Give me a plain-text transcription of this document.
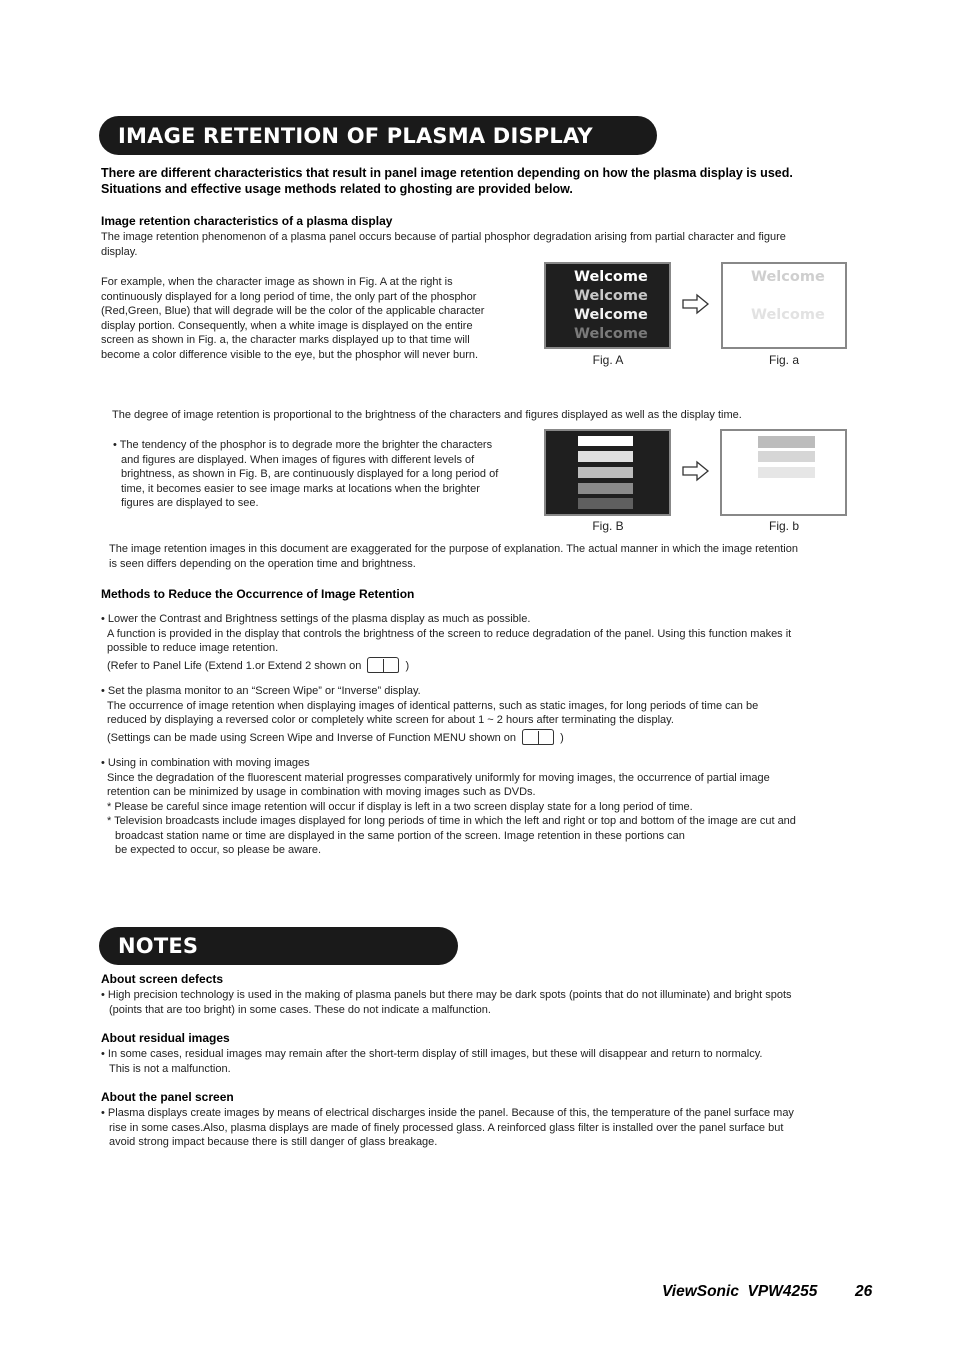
IMAGE RETENTION OF PLASMA DISPLAY
There are different characteristics that result in panel image retention depending on how the plasma display is used.
Situations and effective usage methods related to ghosting are provided below.
Image retention characteristics of a plasma display
The image retention phenomenon of a plasma panel occurs because of partial phosphor degradation arising from partial character and figure
display.
For example, when the character image as shown in Fig. A at the right is
continuously displayed for a long period of time, the only part of the phosphor
(Red,Green, Blue) that will degrade will be the color of the applicable character
display portion. Consequently, when a white image is displayed on the entire
screen as shown in Fig. a, the character marks displayed up to that time will
become a color difference visible to the eye, but the phosphor will never burn.
Welcome
Welcome
Welcome
Welcome
Fig. A
Welcome
Welcome
Fig. a
The degree of image retention is proportional to the brightness of the characters and figures displayed as well as the display time.
• The tendency of the phosphor is to degrade more the brighter the characters
and figures are displayed. When images of figures with different levels of
brightness, as shown in Fig. B, are continuously displayed for a long period of
time, it becomes easier to see image marks at locations when the brighter
figures are displayed to see.
Fig. B	Fig. b
The image retention images in this document are exaggerated for the purpose of explanation. The actual manner in which the image retention
is seen differs depending on the operation time and brightness.
Methods to Reduce the Occurrence of Image Retention
• Lower the Contrast and Brightness settings of the plasma display as much as possible.
A function is provided in the display that controls the brightness of the screen to reduce degradation of the panel. Using this function makes it
possible to reduce image retention.
(Refer to Panel Life (Extend 1.or Extend 2 shown on	)
• Set the plasma monitor to an “Screen Wipe” or “Inverse” display.
The occurrence of image retention when displaying images of identical patterns, such as static images, for long periods of time can be
reduced by displaying a reversed color or completely white screen for about 1 ~ 2 hours after terminating the display.
(Settings can be made using Screen Wipe and Inverse of Function MENU shown on	)
• Using in combination with moving images
Since the degradation of the fluorescent material progresses comparatively uniformly for moving images, the occurrence of partial image
retention can be minimized by usage in combination with moving images such as DVDs.
* Please be careful since image retention will occur if display is left in a two screen display state for a long period of time.
* Television broadcasts include images displayed for long periods of time in which the left and right or top and bottom of the image are cut and
broadcast station name or time are displayed in the same portion of the screen. Image retention in these portions can
be expected to occur, so please be aware.
NOTES
About screen defects
• High precision technology is used in the making of plasma panels but there may be dark spots (points that do not illuminate) and bright spots
(points that are too bright) in some cases. These do not indicate a malfunction.
About residual images
• In some cases, residual images may remain after the short-term display of still images, but these will disappear and return to normalcy.
This is not a malfunction.
About the panel screen
• Plasma displays create images by means of electrical discharges inside the panel. Because of this, the temperature of the panel surface may
rise in some cases.Also, plasma displays are made of finely processed glass. A reinforced glass filter is installed over the panel surface but
avoid strong impact because there is still danger of glass breakage.
ViewSonic  VPW4255 26
